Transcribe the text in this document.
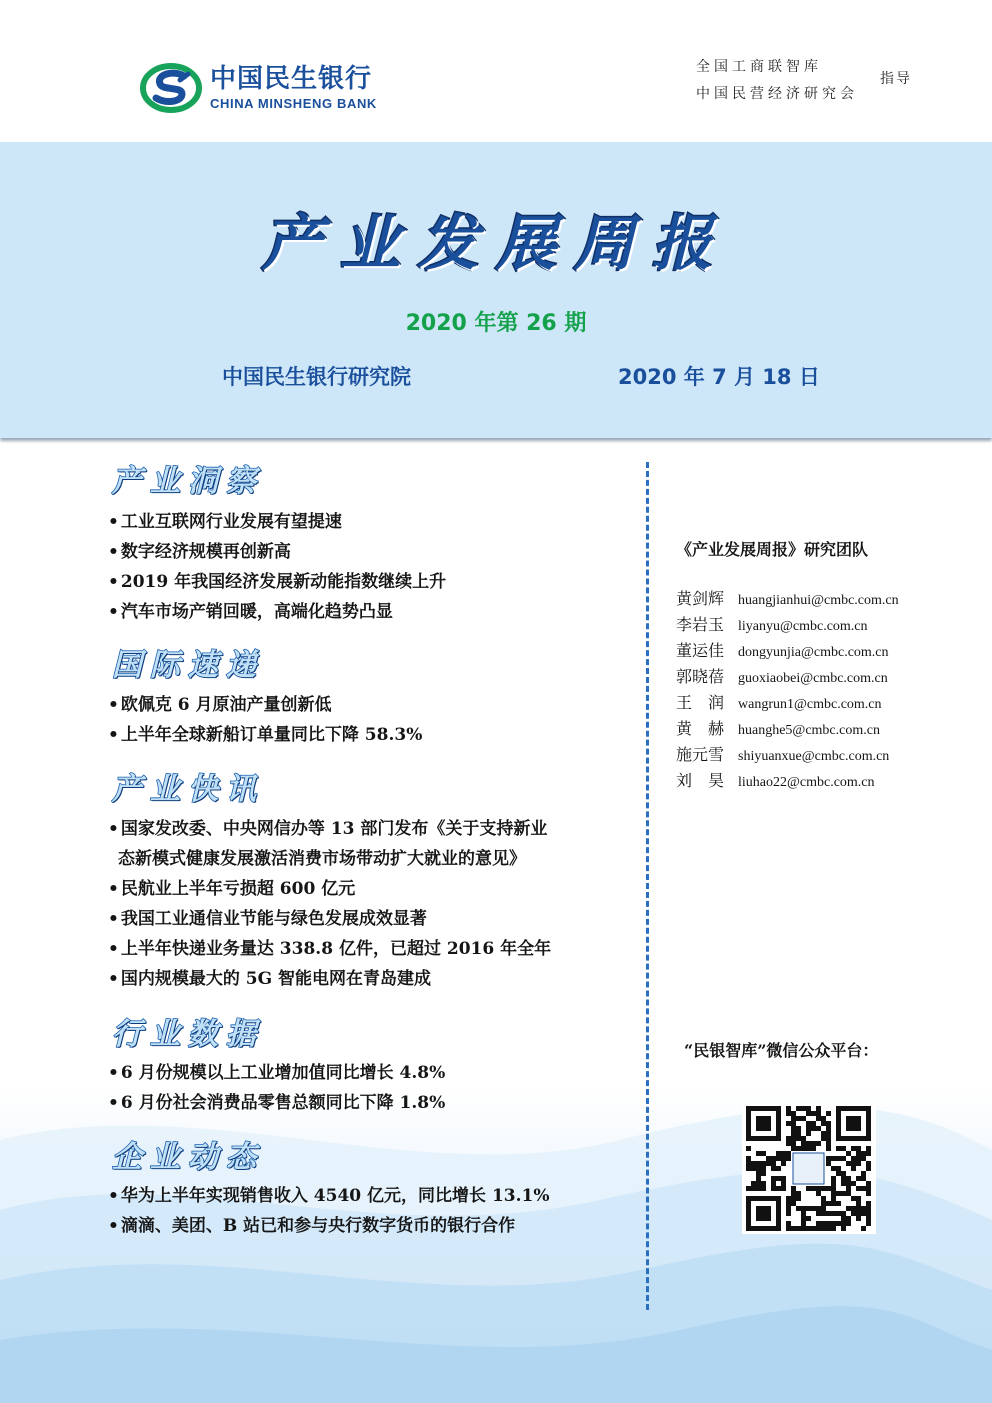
中国民生银行
CHINA MINSHENG BANK
全国工商联智库
中国民营经济研究会
指导
产业发展周报
2020 年第 26 期
中国民生银行研究院	2020 年 7 月 18 日
产业洞察
• 工业互联网行业发展有望提速
• 数字经济规模再创新高
• 2019 年我国经济发展新动能指数继续上升
• 汽车市场产销回暖，高端化趋势凸显
国际速递
• 欧佩克 6 月原油产量创新低
• 上半年全球新船订单量同比下降 58.3%
产业快讯
• 国家发改委、中央网信办等 13 部门发布《关于支持新业
态新模式健康发展激活消费市场带动扩大就业的意见》
• 民航业上半年亏损超 600 亿元
• 我国工业通信业节能与绿色发展成效显著
• 上半年快递业务量达 338.8 亿件，已超过 2016 年全年
• 国内规模最大的 5G 智能电网在青岛建成
行业数据
• 6 月份规模以上工业增加值同比增长 4.8%
• 6 月份社会消费品零售总额同比下降 1.8%
企业动态
• 华为上半年实现销售收入 4540 亿元，同比增长 13.1%
• 滴滴、美团、B 站已和参与央行数字货币的银行合作
《产业发展周报》研究团队
黄剑辉 huangjianhui@cmbc.com.cn
李岩玉 liyanyu@cmbc.com.cn
董运佳 dongyunjia@cmbc.com.cn
郭晓蓓 guoxiaobei@cmbc.com.cn
王　润 wangrun1@cmbc.com.cn
黄　赫 huanghe5@cmbc.com.cn
施元雪 shiyuanxue@cmbc.com.cn
刘　昊 liuhao22@cmbc.com.cn
“民银智库”微信公众平台：
